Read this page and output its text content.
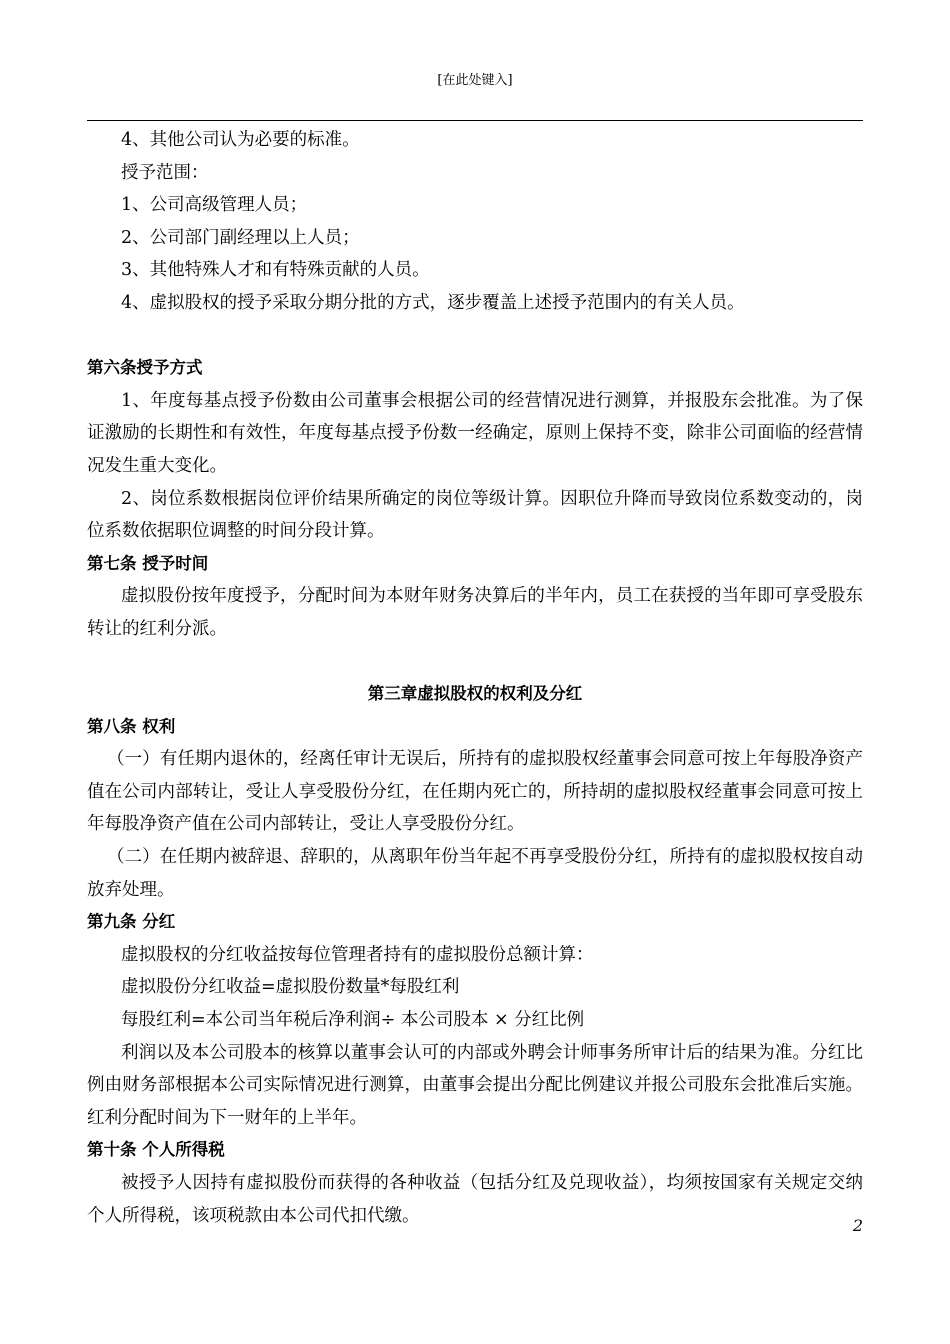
[在此处键入]

4、其他公司认为必要的标准。

授予范围：

1、公司高级管理人员；

2、公司部门副经理以上人员；

3、其他特殊人才和有特殊贡献的人员。

4、虚拟股权的授予采取分期分批的方式，逐步覆盖上述授予范围内的有关人员。

第六条授予方式

1、年度每基点授予份数由公司董事会根据公司的经营情况进行测算，并报股东会批准。为了保证激励的长期性和有效性，年度每基点授予份数一经确定，原则上保持不变，除非公司面临的经营情况发生重大变化。

2、岗位系数根据岗位评价结果所确定的岗位等级计算。因职位升降而导致岗位系数变动的，岗位系数依据职位调整的时间分段计算。

第七条 授予时间

虚拟股份按年度授予，分配时间为本财年财务决算后的半年内，员工在获授的当年即可享受股东转让的红利分派。

第三章虚拟股权的权利及分红

第八条 权利

（一）有任期内退休的，经离任审计无误后，所持有的虚拟股权经董事会同意可按上年每股净资产值在公司内部转让，受让人享受股份分红，在任期内死亡的，所持胡的虚拟股权经董事会同意可按上年每股净资产值在公司内部转让，受让人享受股份分红。

（二）在任期内被辞退、辞职的，从离职年份当年起不再享受股份分红，所持有的虚拟股权按自动放弃处理。

第九条 分红

虚拟股权的分红收益按每位管理者持有的虚拟股份总额计算：

虚拟股份分红收益=虚拟股份数量*每股红利

每股红利=本公司当年税后净利润÷ 本公司股本 × 分红比例

利润以及本公司股本的核算以董事会认可的内部或外聘会计师事务所审计后的结果为准。分红比例由财务部根据本公司实际情况进行测算，由董事会提出分配比例建议并报公司股东会批准后实施。红利分配时间为下一财年的上半年。

第十条 个人所得税

被授予人因持有虚拟股份而获得的各种收益（包括分红及兑现收益），均须按国家有关规定交纳个人所得税，该项税款由本公司代扣代缴。	2
